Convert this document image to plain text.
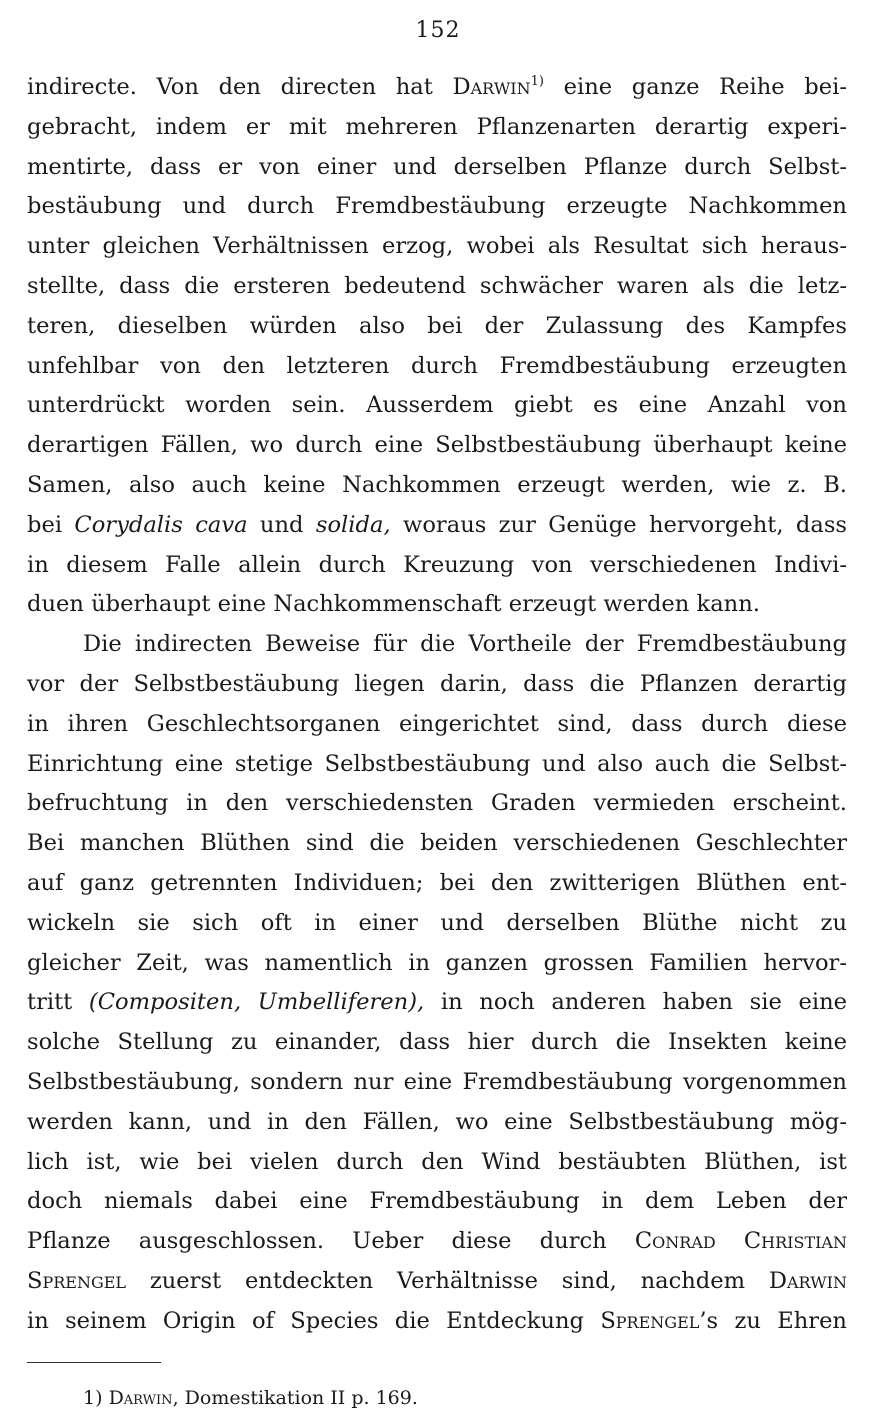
152
indirecte. Von den directen hat Darwin$^{1)}$ eine ganze Reihe bei-
gebracht, indem er mit mehreren Pflanzenarten derartig experi-
mentirte, dass er von einer und derselben Pflanze durch Selbst-
bestäubung und durch Fremdbestäubung erzeugte Nachkommen
unter gleichen Verhältnissen erzog, wobei als Resultat sich heraus-
stellte, dass die ersteren bedeutend schwächer waren als die letz-
teren, dieselben würden also bei der Zulassung des Kampfes
unfehlbar von den letzteren durch Fremdbestäubung erzeugten
unterdrückt worden sein. Ausserdem giebt es eine Anzahl von
derartigen Fällen, wo durch eine Selbstbestäubung überhaupt keine
Samen, also auch keine Nachkommen erzeugt werden, wie z. B.
bei Corydalis cava und solida, woraus zur Genüge hervorgeht, dass
in diesem Falle allein durch Kreuzung von verschiedenen Indivi-
duen überhaupt eine Nachkommenschaft erzeugt werden kann.
Die indirecten Beweise für die Vortheile der Fremdbestäubung
vor der Selbstbestäubung liegen darin, dass die Pflanzen derartig
in ihren Geschlechtsorganen eingerichtet sind, dass durch diese
Einrichtung eine stetige Selbstbestäubung und also auch die Selbst-
befruchtung in den verschiedensten Graden vermieden erscheint.
Bei manchen Blüthen sind die beiden verschiedenen Geschlechter
auf ganz getrennten Individuen; bei den zwitterigen Blüthen ent-
wickeln sie sich oft in einer und derselben Blüthe nicht zu
gleicher Zeit, was namentlich in ganzen grossen Familien hervor-
tritt (Compositen, Umbelliferen), in noch anderen haben sie eine
solche Stellung zu einander, dass hier durch die Insekten keine
Selbstbestäubung, sondern nur eine Fremdbestäubung vorgenommen
werden kann, und in den Fällen, wo eine Selbstbestäubung mög-
lich ist, wie bei vielen durch den Wind bestäubten Blüthen, ist
doch niemals dabei eine Fremdbestäubung in dem Leben der
Pflanze ausgeschlossen. Ueber diese durch Conrad Christian
Sprengel zuerst entdeckten Verhältnisse sind, nachdem Darwin
in seinem Origin of Species die Entdeckung Sprengel’s zu Ehren
1) Darwin, Domestikation II p. 169.
